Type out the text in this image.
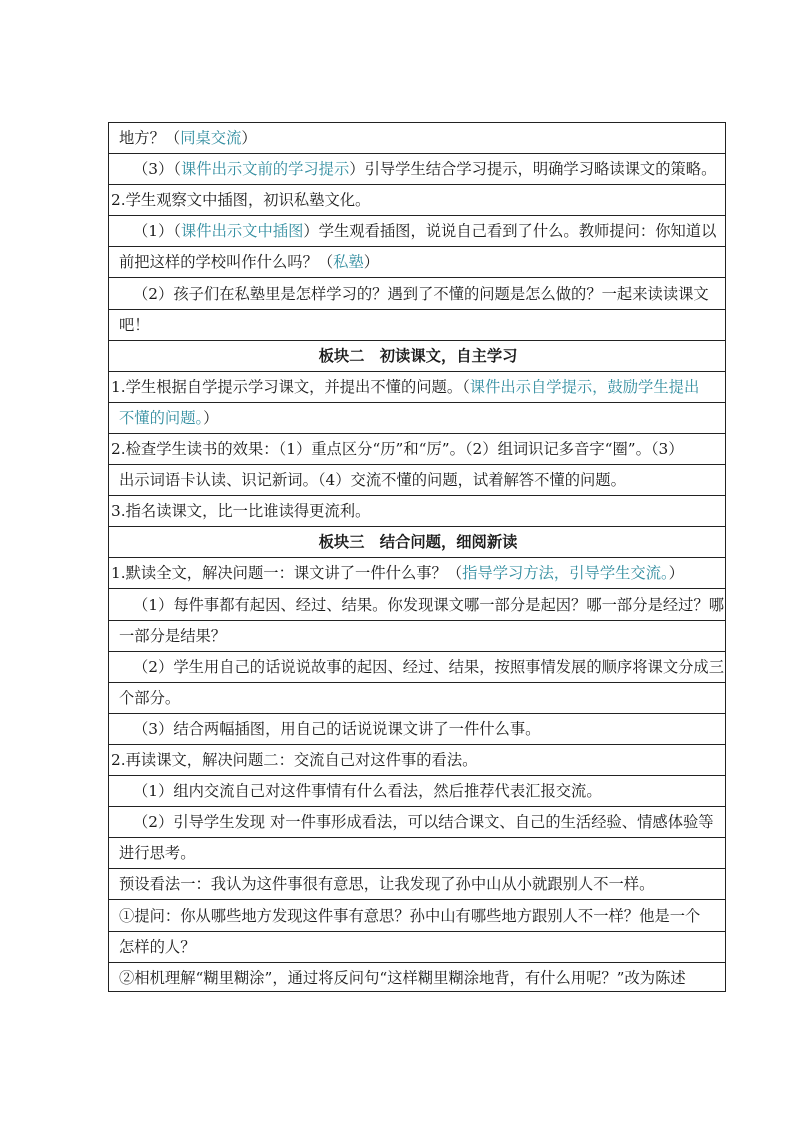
地方？（同桌交流）
（3）（课件出示文前的学习提示）引导学生结合学习提示，明确学习略读课文的策略。
2.学生观察文中插图，初识私塾文化。
（1）（课件出示文中插图）学生观看插图，说说自己看到了什么。教师提问：你知道以
前把这样的学校叫作什么吗？（私塾）
（2）孩子们在私塾里是怎样学习的？遇到了不懂的问题是怎么做的？一起来读读课文
吧！
板块二　初读课文，自主学习
1.学生根据自学提示学习课文，并提出不懂的问题。（课件出示自学提示，鼓励学生提出
不懂的问题。）
2.检查学生读书的效果：（1）重点区分“历”和“厉”。（2）组词识记多音字“圈”。（3）
出示词语卡认读、识记新词。（4）交流不懂的问题，试着解答不懂的问题。
3.指名读课文，比一比谁读得更流利。
板块三　结合问题，细阅新读
1.默读全文，解决问题一：课文讲了一件什么事？（指导学习方法，引导学生交流。）
（1）每件事都有起因、经过、结果。你发现课文哪一部分是起因？哪一部分是经过？哪
一部分是结果？
（2）学生用自己的话说说故事的起因、经过、结果，按照事情发展的顺序将课文分成三
个部分。
（3）结合两幅插图，用自己的话说说课文讲了一件什么事。
2.再读课文，解决问题二：交流自己对这件事的看法。
（1）组内交流自己对这件事情有什么看法，然后推荐代表汇报交流。
（2）引导学生发现 对一件事形成看法，可以结合课文、自己的生活经验、情感体验等
进行思考。
预设看法一：我认为这件事很有意思，让我发现了孙中山从小就跟别人不一样。
①提问：你从哪些地方发现这件事有意思？孙中山有哪些地方跟别人不一样？他是一个
怎样的人？
②相机理解“糊里糊涂”，通过将反问句“这样糊里糊涂地背，有什么用呢？”改为陈述
